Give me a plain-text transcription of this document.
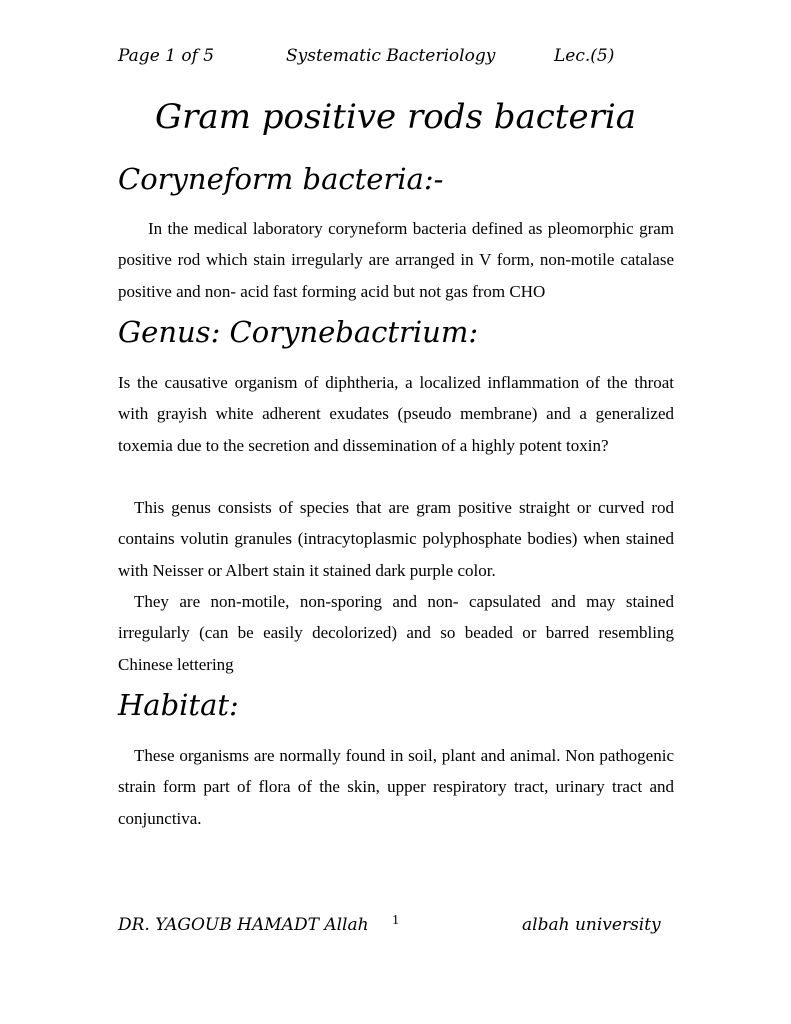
Page 1 of 5	Systematic Bacteriology	Lec.(5)
Gram positive rods bacteria
Coryneform bacteria:-

In the medical laboratory coryneform bacteria defined as pleomorphic gram positive rod which stain irregularly are arranged in V form, non-motile catalase positive and non- acid fast forming acid but not gas from CHO

Genus: Corynebactrium:

Is the causative organism of diphtheria, a localized inflammation of the throat with grayish white adherent exudates (pseudo membrane) and a generalized toxemia due to the secretion and dissemination of a highly potent toxin?

This genus consists of species that are gram positive straight or curved rod contains volutin granules (intracytoplasmic polyphosphate bodies) when stained with Neisser or Albert stain it stained dark purple color.

They are non-motile, non-sporing and non- capsulated and may stained irregularly (can be easily decolorized) and so beaded or barred resembling Chinese lettering

Habitat:

These organisms are normally found in soil, plant and animal. Non pathogenic strain form part of flora of the skin, upper respiratory tract, urinary tract and conjunctiva.

DR. YAGOUB HAMADT Allah 1	albah university
